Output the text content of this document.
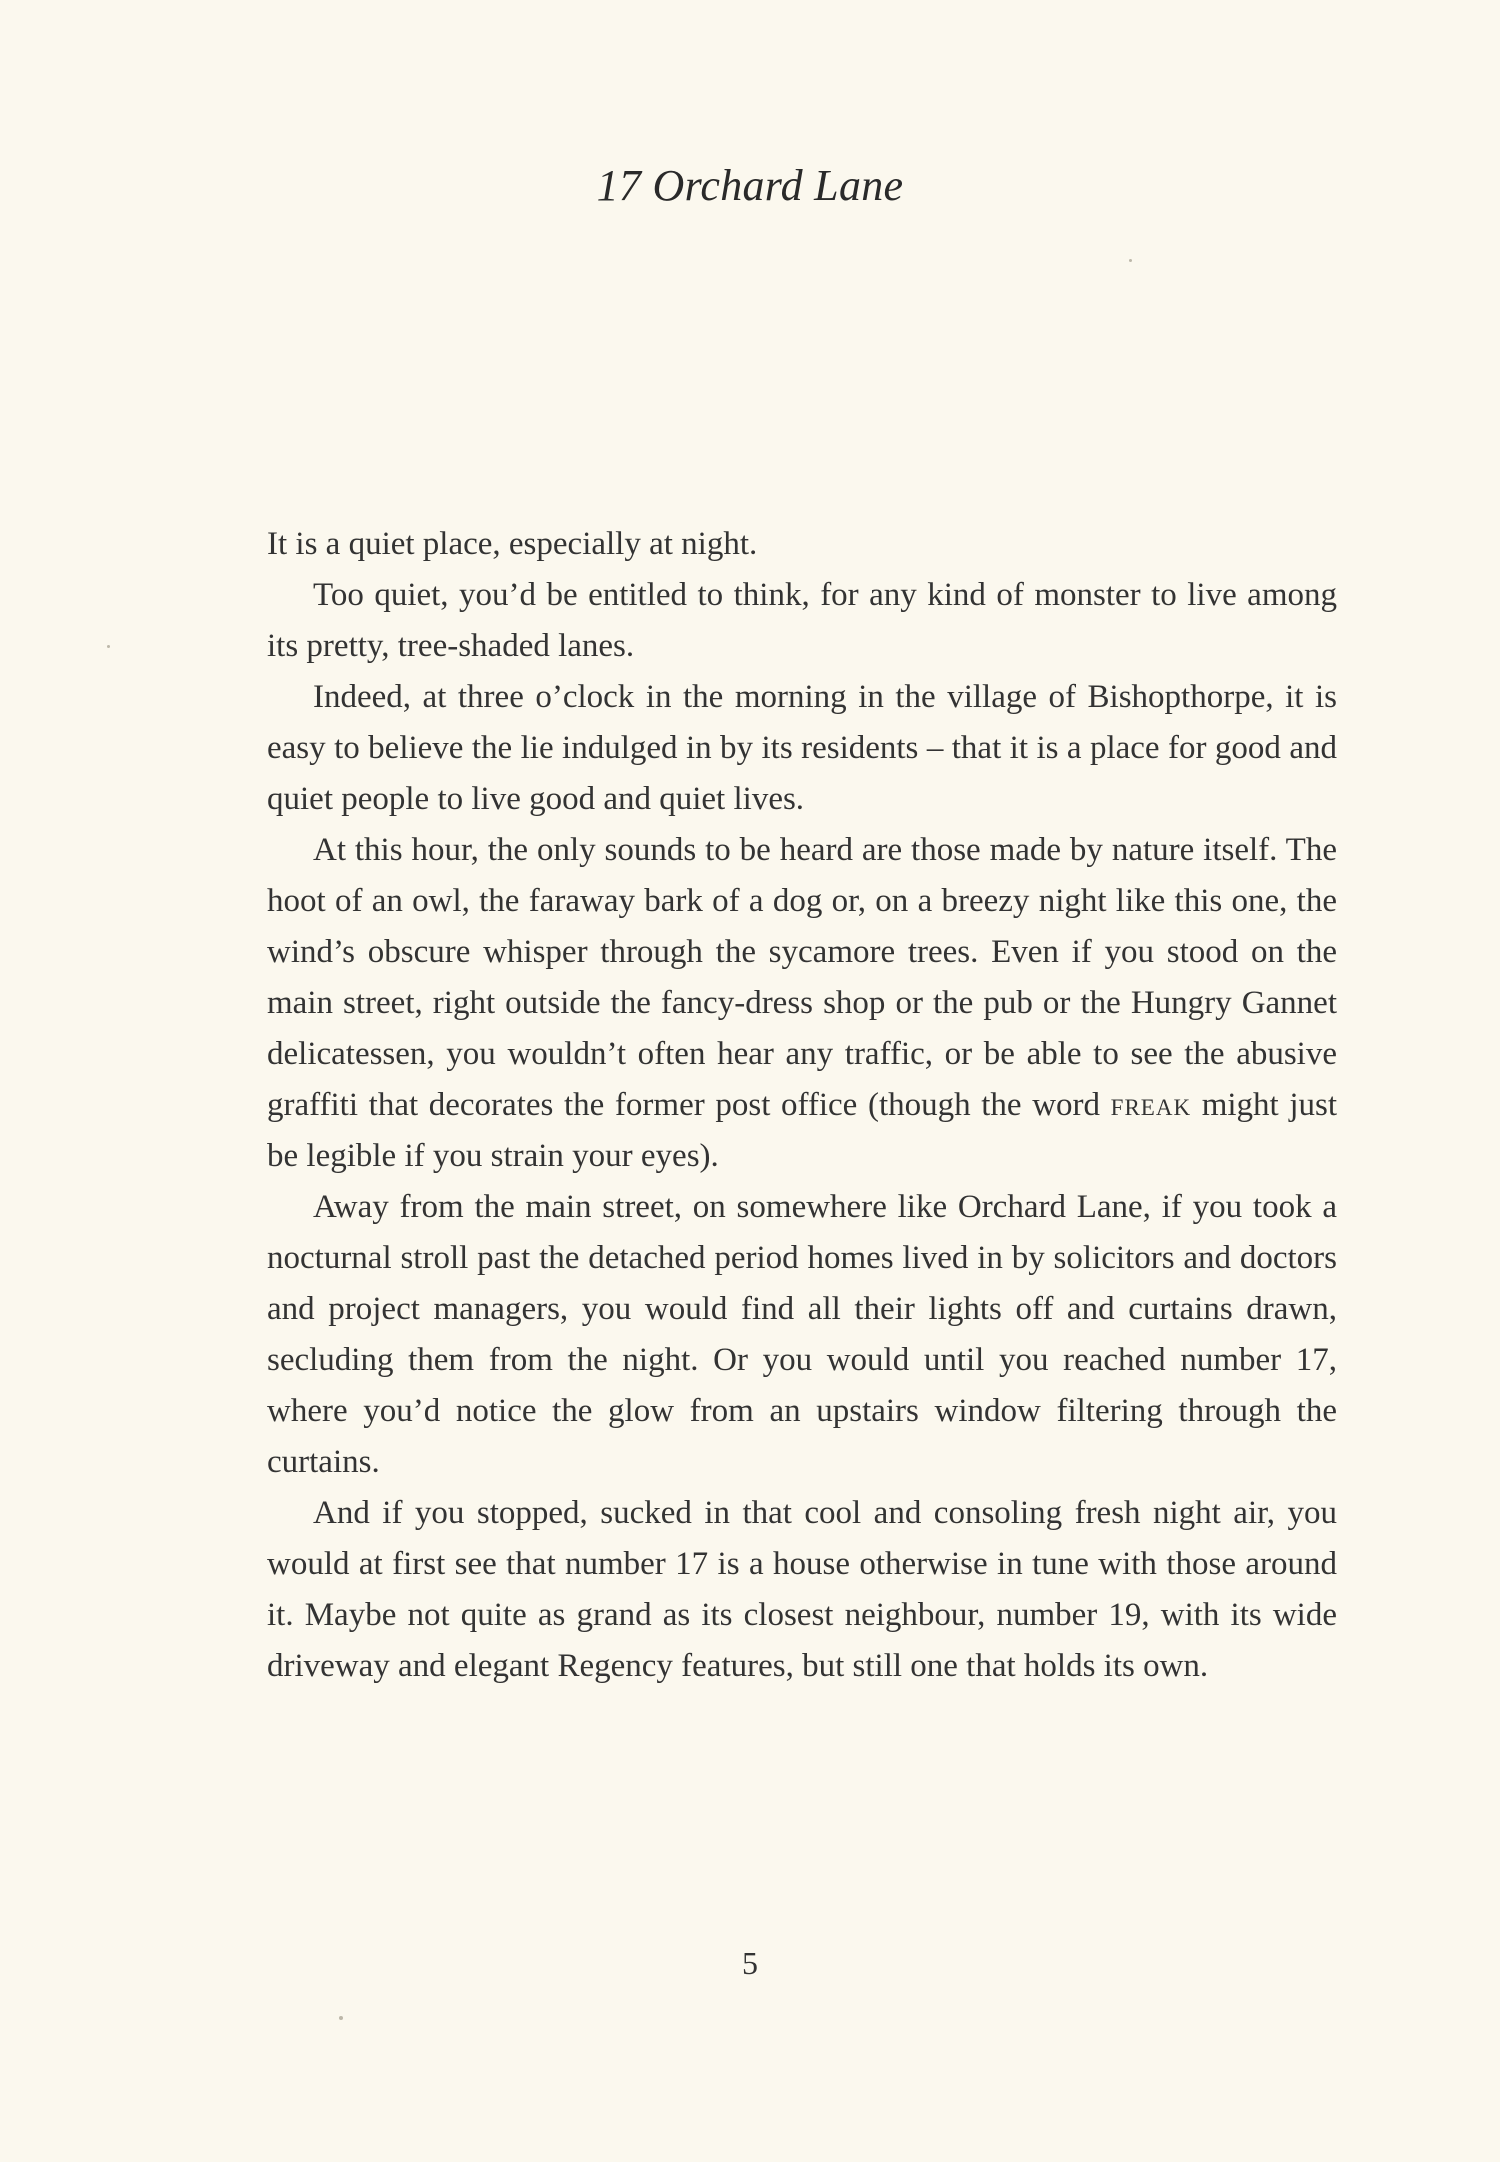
17 Orchard Lane

It is a quiet place, especially at night.

Too quiet, you’d be entitled to think, for any kind of monster to live among its pretty, tree-shaded lanes.

Indeed, at three o’clock in the morning in the village of Bishopthorpe, it is easy to believe the lie indulged in by its residents – that it is a place for good and quiet people to live good and quiet lives.

At this hour, the only sounds to be heard are those made by nature itself. The hoot of an owl, the faraway bark of a dog or, on a breezy night like this one, the wind’s obscure whisper through the sycamore trees. Even if you stood on the main street, right outside the fancy-dress shop or the pub or the Hungry Gannet delicatessen, you wouldn’t often hear any traffic, or be able to see the abusive graffiti that decorates the former post office (though the word freak might just be legible if you strain your eyes).

Away from the main street, on somewhere like Orchard Lane, if you took a nocturnal stroll past the detached period homes lived in by solicitors and doctors and project managers, you would find all their lights off and curtains drawn, secluding them from the night. Or you would until you reached number 17, where you’d notice the glow from an upstairs window filtering through the curtains.

And if you stopped, sucked in that cool and consoling fresh night air, you would at first see that number 17 is a house otherwise in tune with those around it. Maybe not quite as grand as its closest neighbour, number 19, with its wide driveway and elegant Regency features, but still one that holds its own.

5
